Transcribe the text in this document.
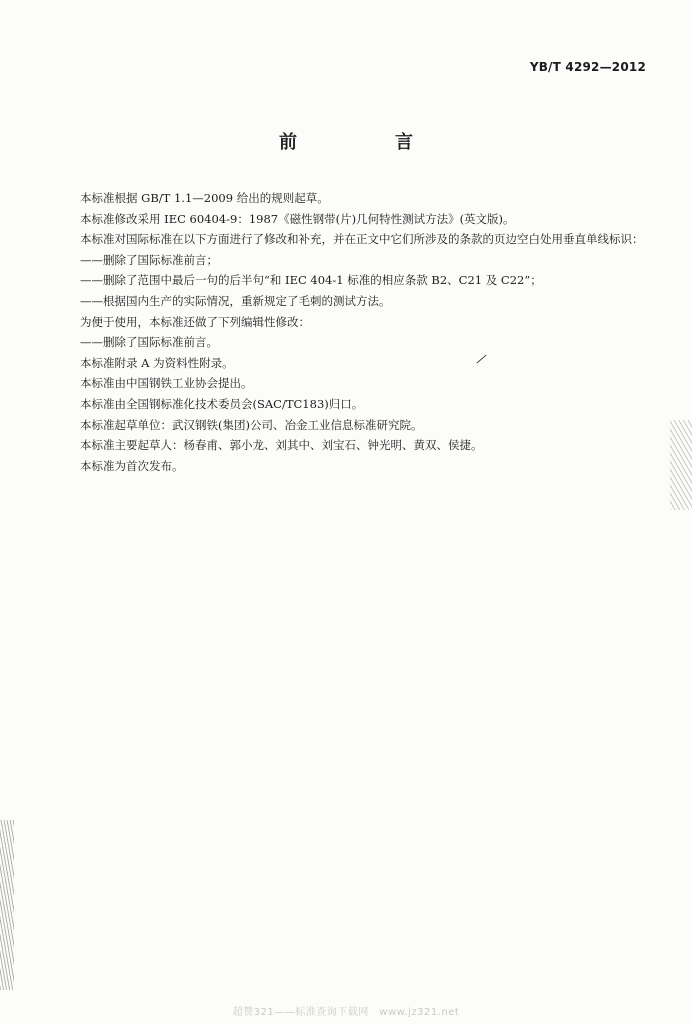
YB/T 4292—2012
前　言

本标准根据 GB/T 1.1—2009 给出的规则起草。

本标准修改采用 IEC 60404-9：1987《磁性钢带(片)几何特性测试方法》(英文版)。

本标准对国际标准在以下方面进行了修改和补充，并在正文中它们所涉及的条款的页边空白处用垂直单线标识：

——删除了国际标准前言；

——删除了范围中最后一句的后半句“和 IEC 404-1 标准的相应条款 B2、C21 及 C22”；

——根据国内生产的实际情况，重新规定了毛刺的测试方法。

为便于使用，本标准还做了下列编辑性修改：

——删除了国际标准前言。

本标准附录 A 为资料性附录。

本标准由中国钢铁工业协会提出。

本标准由全国钢标准化技术委员会(SAC/TC183)归口。

本标准起草单位：武汉钢铁(集团)公司、冶金工业信息标准研究院。

本标准主要起草人：杨春甫、郭小龙、刘其中、刘宝石、钟光明、黄双、侯捷。

本标准为首次发布。

⁄
超赞321——标准查询下载网　www.jz321.net
